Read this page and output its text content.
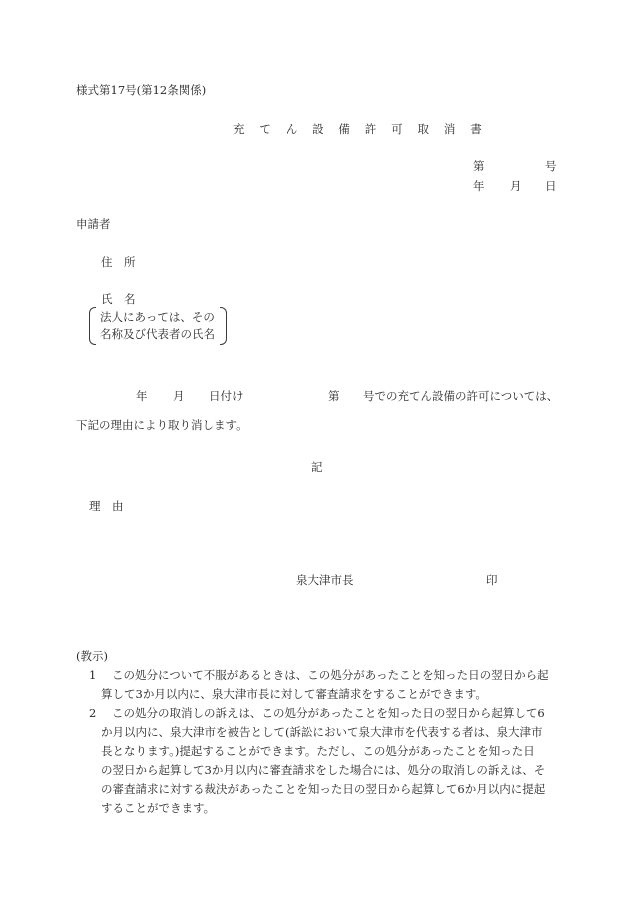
様式第17号(第12条関係)
充 て ん 設 備 許 可 取 消 書
第	号
年 月 日
申請者
住　所
氏　名
法人にあっては、その
名称及び代表者の氏名
年 月 日付け	第 号での充てん設備の許可については、
下記の理由により取り消します。
記
理　由
泉大津市長	印
(教示)
1 この処分について不服があるときは、この処分があったことを知った日の翌日から起
算して3か月以内に、泉大津市長に対して審査請求をすることができます。
2 この処分の取消しの訴えは、この処分があったことを知った日の翌日から起算して6
か月以内に、泉大津市を被告として(訴訟において泉大津市を代表する者は、泉大津市
長となります。)提起することができます。ただし、この処分があったことを知った日
の翌日から起算して3か月以内に審査請求をした場合には、処分の取消しの訴えは、そ
の審査請求に対する裁決があったことを知った日の翌日から起算して6か月以内に提起
することができます。
